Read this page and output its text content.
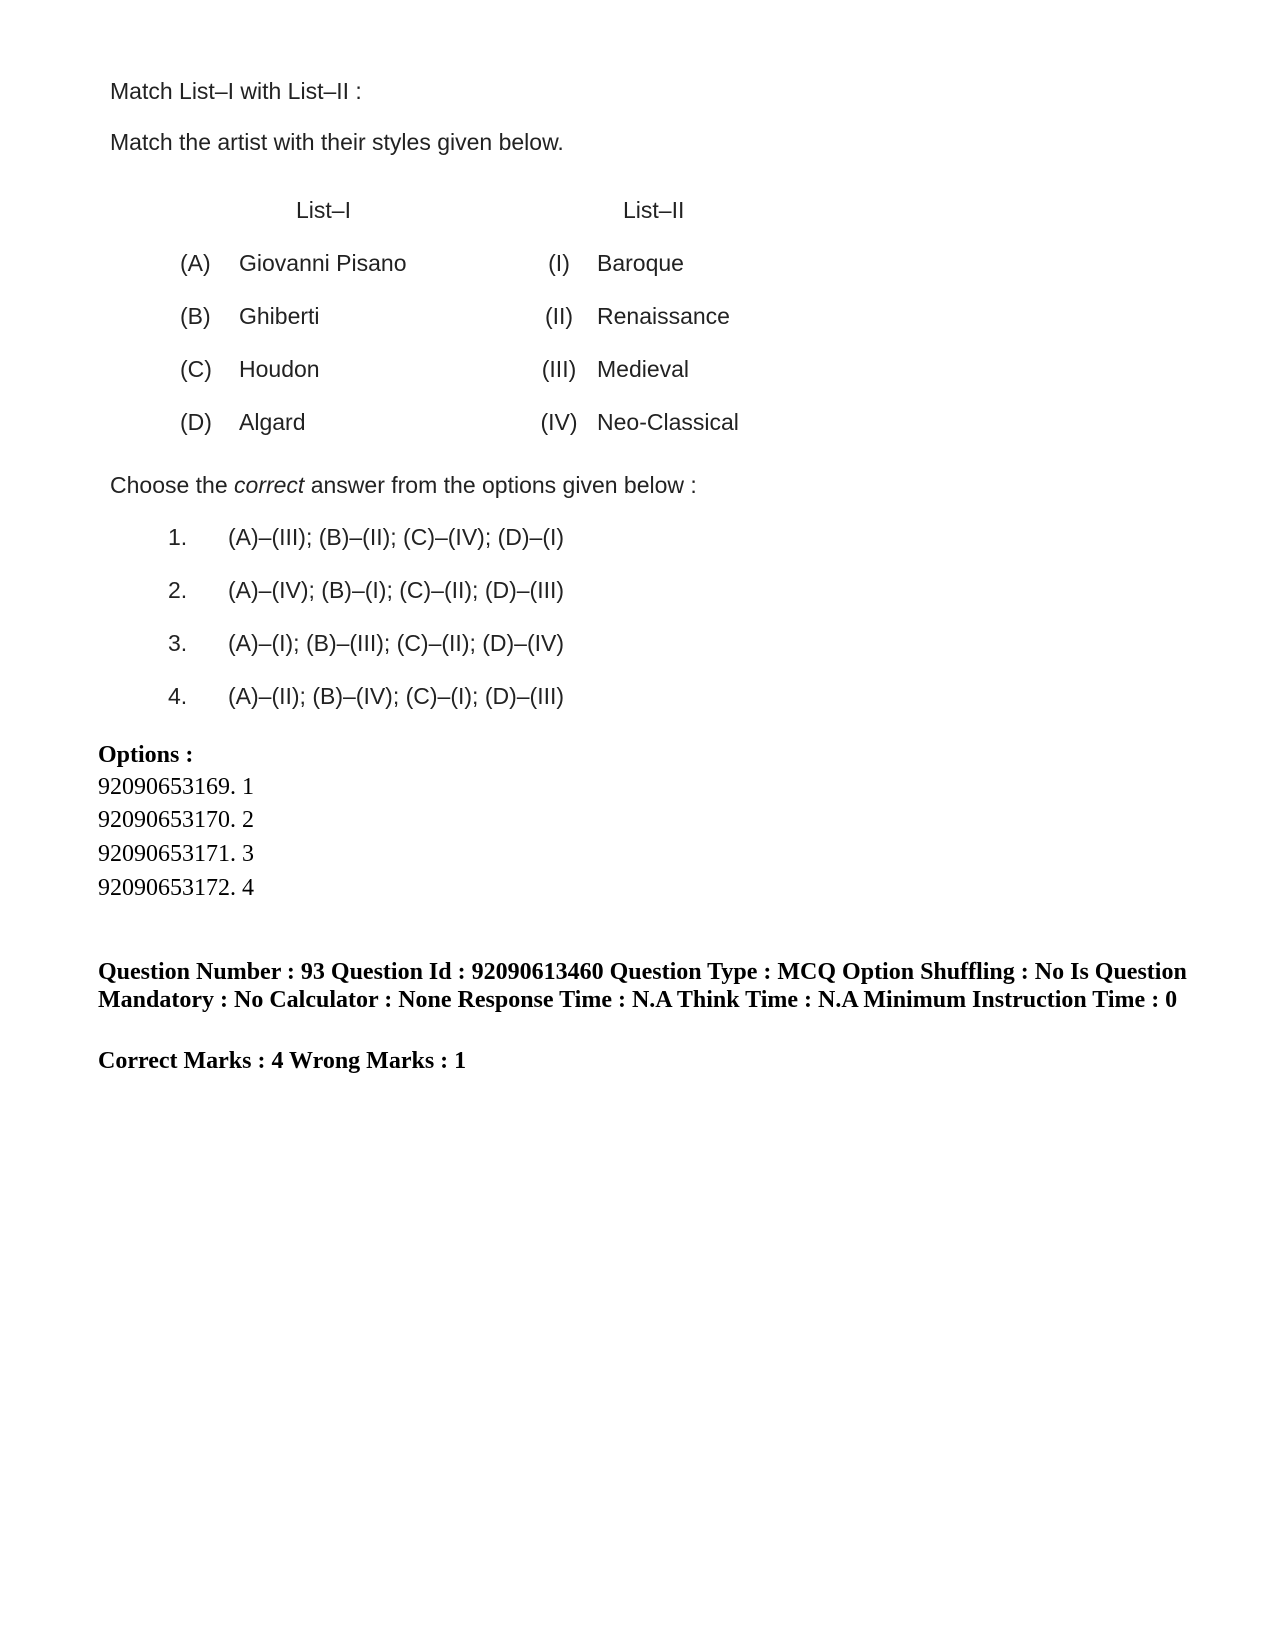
Match List–I with List–II :
Match the artist with their styles given below.
List–I	List–II
(A) Giovanni Pisano	(I)	Baroque
(B) Ghiberti	(II)	Renaissance
(C) Houdon	(III) Medieval
(D) Algard	(IV) Neo-Classical
Choose the correct answer from the options given below :
1. (A)–(III); (B)–(II); (C)–(IV); (D)–(I)
2. (A)–(IV); (B)–(I); (C)–(II); (D)–(III)
3. (A)–(I); (B)–(III); (C)–(II); (D)–(IV)
4. (A)–(II); (B)–(IV); (C)–(I); (D)–(III)
Options :
92090653169. 1
92090653170. 2
92090653171. 3
92090653172. 4
Question Number : 93 Question Id : 92090613460 Question Type : MCQ Option Shuffling : No Is Question Mandatory : No Calculator : None Response Time : N.A Think Time : N.A Minimum Instruction Time : 0
Correct Marks : 4 Wrong Marks : 1
